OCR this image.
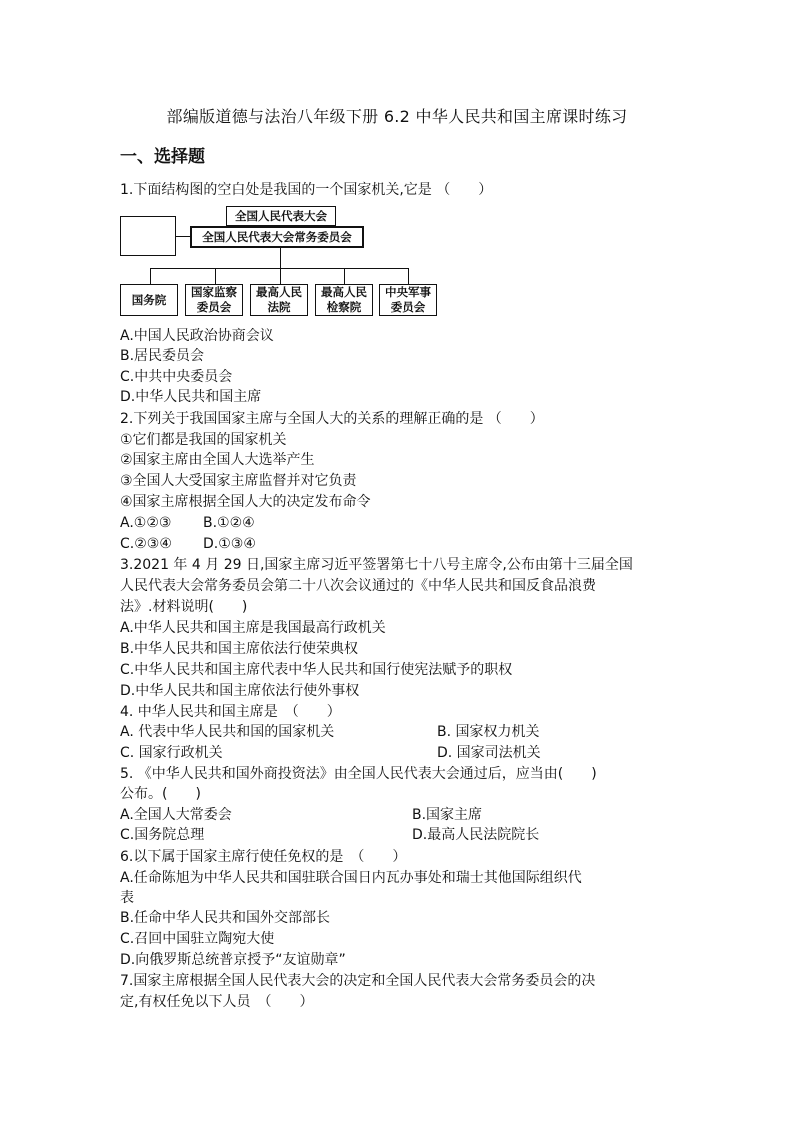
部编版道德与法治八年级下册 6.2 中华人民共和国主席课时练习
一、选择题
1.下面结构图的空白处是我国的一个国家机关,它是 （　　）
全国人民代表大会
全国人民代表大会常务委员会
国务院

国家监察
委员会
最高人民
法院
最高人民
检察院
中央军事
委员会
A.中国人民政治协商会议
B.居民委员会
C.中共中央委员会
D.中华人民共和国主席
2.下列关于我国国家主席与全国人大的关系的理解正确的是 （　　）
①它们都是我国的国家机关
②国家主席由全国人大选举产生
③全国人大受国家主席监督并对它负责
④国家主席根据全国人大的决定发布命令
A.①②③ B.①②④
C.②③④ D.①③④
3.2021 年 4 月 29 日,国家主席习近平签署第七十八号主席令,公布由第十三届全国
人民代表大会常务委员会第二十八次会议通过的《中华人民共和国反食品浪费
法》.材料说明(　　)
A.中华人民共和国主席是我国最高行政机关
B.中华人民共和国主席依法行使荣典权
C.中华人民共和国主席代表中华人民共和国行使宪法赋予的职权
D.中华人民共和国主席依法行使外事权
4. 中华人民共和国主席是　（　　）
A. 代表中华人民共和国的国家机关	B. 国家权力机关
C. 国家行政机关	D. 国家司法机关
5. 《中华人民共和国外商投资法》由全国人民代表大会通过后，应当由(　　)
公布。(　　)
A.全国人大常委会	B.国家主席
C.国务院总理	D.最高人民法院院长
6.以下属于国家主席行使任免权的是　（　　）
A.任命陈旭为中华人民共和国驻联合国日内瓦办事处和瑞士其他国际组织代
表
B.任命中华人民共和国外交部部长
C.召回中国驻立陶宛大使
D.向俄罗斯总统普京授予“友谊勋章”
7.国家主席根据全国人民代表大会的决定和全国人民代表大会常务委员会的决
定,有权任免以下人员　（　　）
